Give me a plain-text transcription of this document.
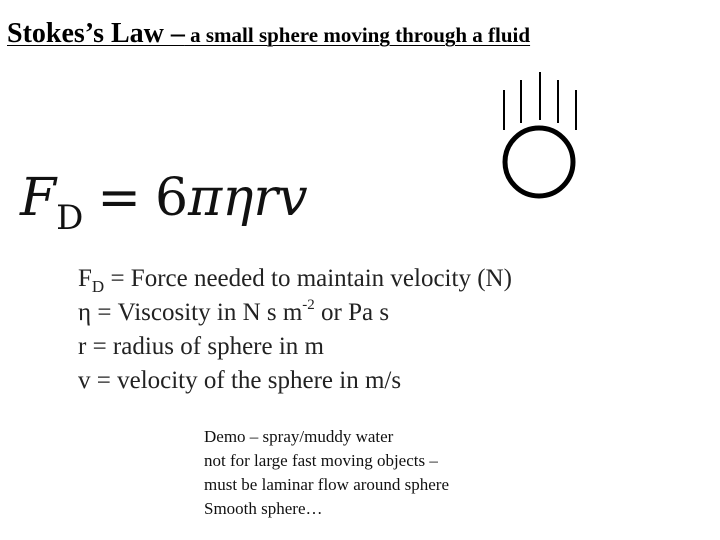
Stokes’s Law – a small sphere moving through a fluid
$F_D = 6\pi\eta rv$
$F_D$ = Force needed to maintain velocity (N)
η = Viscosity in N s $m^{-2}$ or Pa s
r = radius of sphere in m
v = velocity of the sphere in m/s
Demo – spray/muddy water
not for large fast moving objects –
must be laminar flow around sphere
Smooth sphere…
